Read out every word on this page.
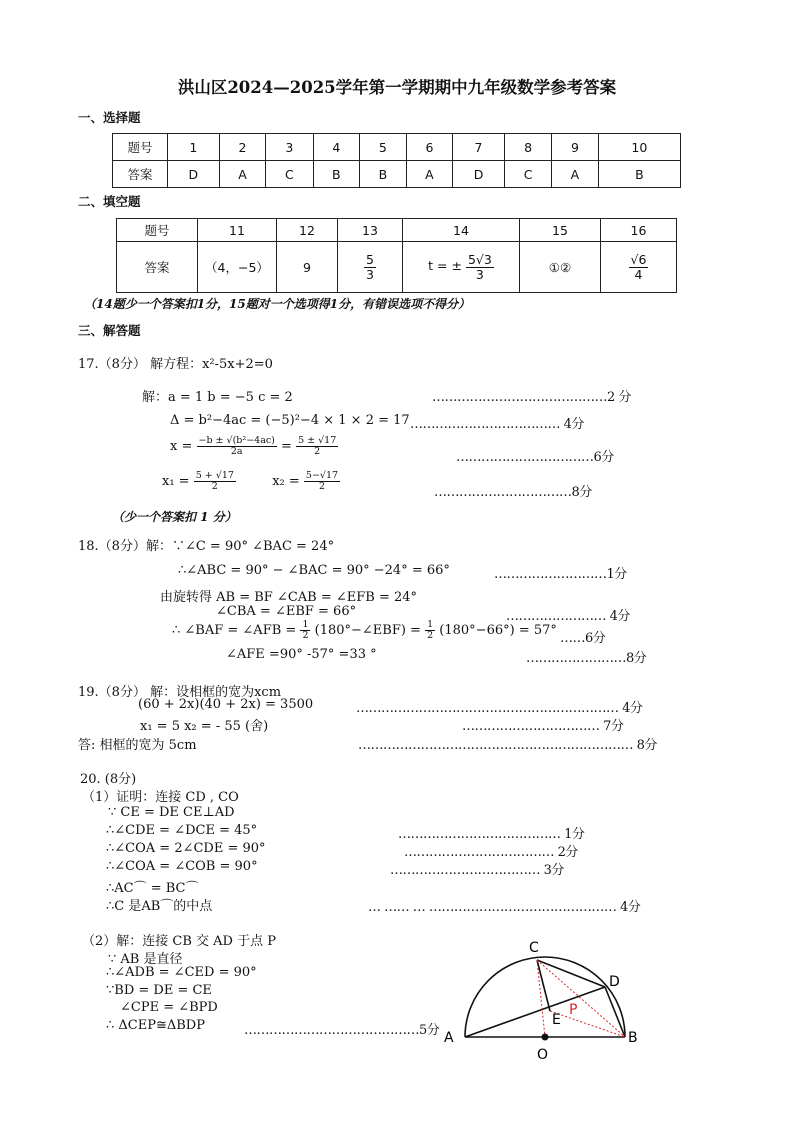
洪山区2024—2025学年第一学期期中九年级数学参考答案
一、选择题
题号	1	2	3	4	5	6	7	8	9	10
答案	D	A	C	B	B	A	D	C	A	B
二、填空题
题号	11	12	13	14	15	16
答案	（4，−5）	9	$\frac{5}{3}$	t = ± $\frac{5√3}{3}$	①②	$\frac{√6}{4}$
（14题少一个答案扣1分，15题对一个选项得1分，有错误选项不得分）
三、解答题
17.（8分） 解方程：x²-5x+2=0
解：a = 1 b = −5 c = 2	……………………………………2 分
Δ = b²−4ac = (−5)²−4 × 1 × 2 = 17 ……………………………… 4分
$x = \frac{\text{−b ± √(b²−4ac)}}{2a} = \frac{5 \pm √17}{2}$
……………………………6分
$x_1 = \frac{5 + √17}{2}$	$x_2 = \frac{5-√17}{2}$
……………………………8分
（少一个答案扣 1 分）
18.（8分）解：∵∠C = 90° ∠BAC = 24°
∴∠ABC = 90° − ∠BAC = 90° −24° = 66°	………………………1分
由旋转得 AB = BF ∠CAB = ∠EFB = 24°
∠CBA = ∠EBF = 66°	…………………… 4分
∴ ∠BAF = ∠AFB = $\frac{1}{2}$ (180°−∠EBF) = $\frac{1}{2} (180^\circ-66^\circ) = 57^\circ$
……6分
∠AFE =90° -57° =33 °	……………………8分
19.（8分） 解：设相框的宽为xcm
(60 + 2x)(40 + 2x) = 3500	……………………………………………………… 4分
x₁ = 5 x₂ = - 55 (舍)	…………………………… 7分
答: 相框的宽为 5cm	………………………………………………………… 8分
20. (8分)
（1）证明：连接 CD , CO
∵ CE = DE CE⊥AD
∴∠CDE = ∠DCE = 45°	………………………………… 1分
∴∠COA = 2∠CDE = 90°	……………………………… 2分
∴∠COA = ∠COB = 90°	……………………………… 3分
∴AC⌒ = BC⌒
∴C 是AB⌒的中点	… …… … ……………………………………… 4分
（2）解：连接 CB 交 AD 于点 P
∵ AB 是直径
∴∠ADB = ∠CED = 90°
∵BD = DE = CE
∠CPE = ∠BPD
∴ ΔCEP≅ΔBDP	……………………………………5分 A	B
C
D
E
O
P
